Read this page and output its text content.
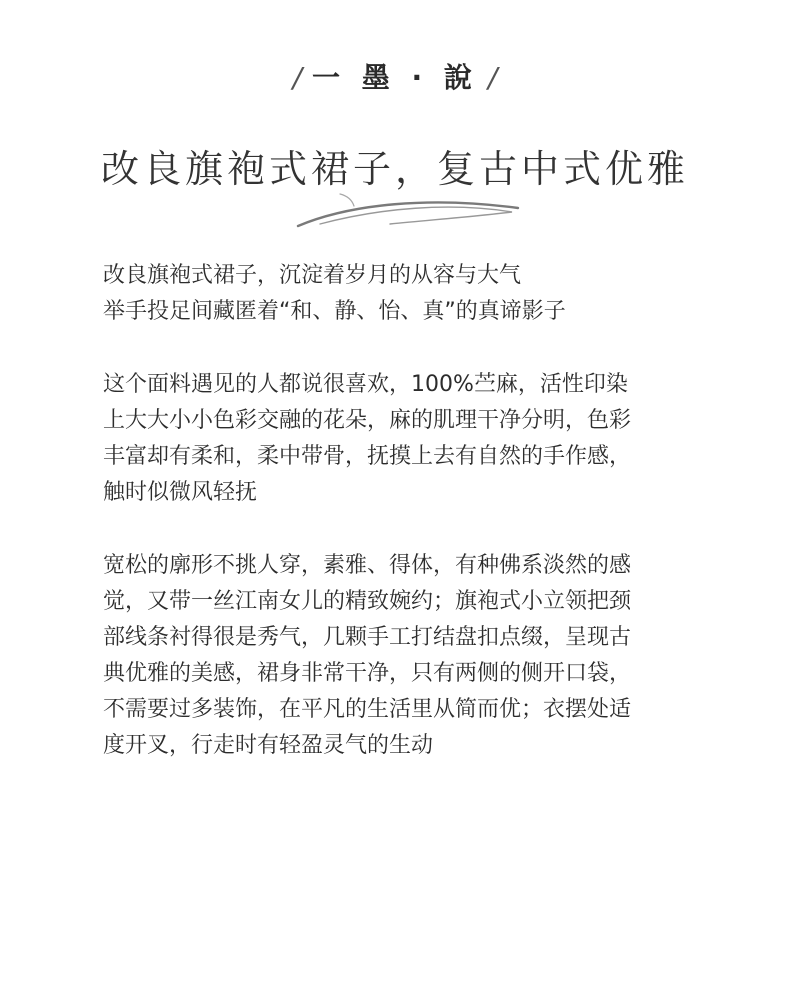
/ 一 墨 · 說 /
改良旗袍式裙子，复古中式优雅
改良旗袍式裙子，沉淀着岁月的从容与大气
举手投足间藏匿着“和、静、怡、真”的真谛影子
这个面料遇见的人都说很喜欢，100%苎麻，活性印染
上大大小小色彩交融的花朵，麻的肌理干净分明，色彩
丰富却有柔和，柔中带骨，抚摸上去有自然的手作感，
触时似微风轻抚
宽松的廓形不挑人穿，素雅、得体，有种佛系淡然的感
觉，又带一丝江南女儿的精致婉约；旗袍式小立领把颈
部线条衬得很是秀气，几颗手工打结盘扣点缀，呈现古
典优雅的美感，裙身非常干净，只有两侧的侧开口袋，
不需要过多装饰，在平凡的生活里从简而优；衣摆处适
度开叉，行走时有轻盈灵气的生动
